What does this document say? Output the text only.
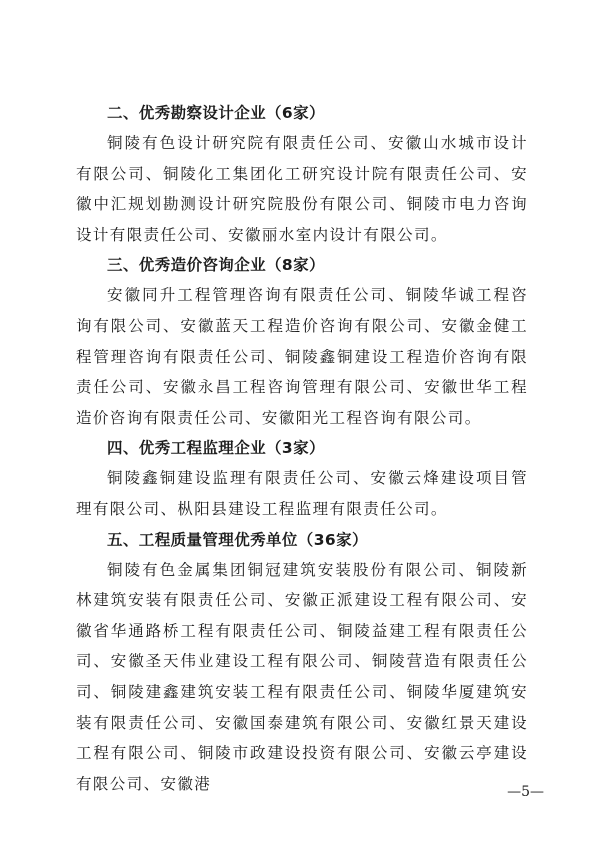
二、优秀勘察设计企业（6家）

铜陵有色设计研究院有限责任公司、安徽山水城市设计有限公司、铜陵化工集团化工研究设计院有限责任公司、安徽中汇规划勘测设计研究院股份有限公司、铜陵市电力咨询设计有限责任公司、安徽丽水室内设计有限公司。

三、优秀造价咨询企业（8家）

安徽同升工程管理咨询有限责任公司、铜陵华诚工程咨询有限公司、安徽蓝天工程造价咨询有限公司、安徽金健工程管理咨询有限责任公司、铜陵鑫铜建设工程造价咨询有限责任公司、安徽永昌工程咨询管理有限公司、安徽世华工程造价咨询有限责任公司、安徽阳光工程咨询有限公司。

四、优秀工程监理企业（3家）

铜陵鑫铜建设监理有限责任公司、安徽云烽建设项目管理有限公司、枞阳县建设工程监理有限责任公司。

五、工程质量管理优秀单位（36家）

铜陵有色金属集团铜冠建筑安装股份有限公司、铜陵新林建筑安装有限责任公司、安徽正派建设工程有限公司、安徽省华通路桥工程有限责任公司、铜陵益建工程有限责任公司、安徽圣天伟业建设工程有限公司、铜陵营造有限责任公司、铜陵建鑫建筑安装工程有限责任公司、铜陵华厦建筑安装有限责任公司、安徽国泰建筑有限公司、安徽红景天建设工程有限公司、铜陵市政建设投资有限公司、安徽云亭建设有限公司、安徽港	—5—
